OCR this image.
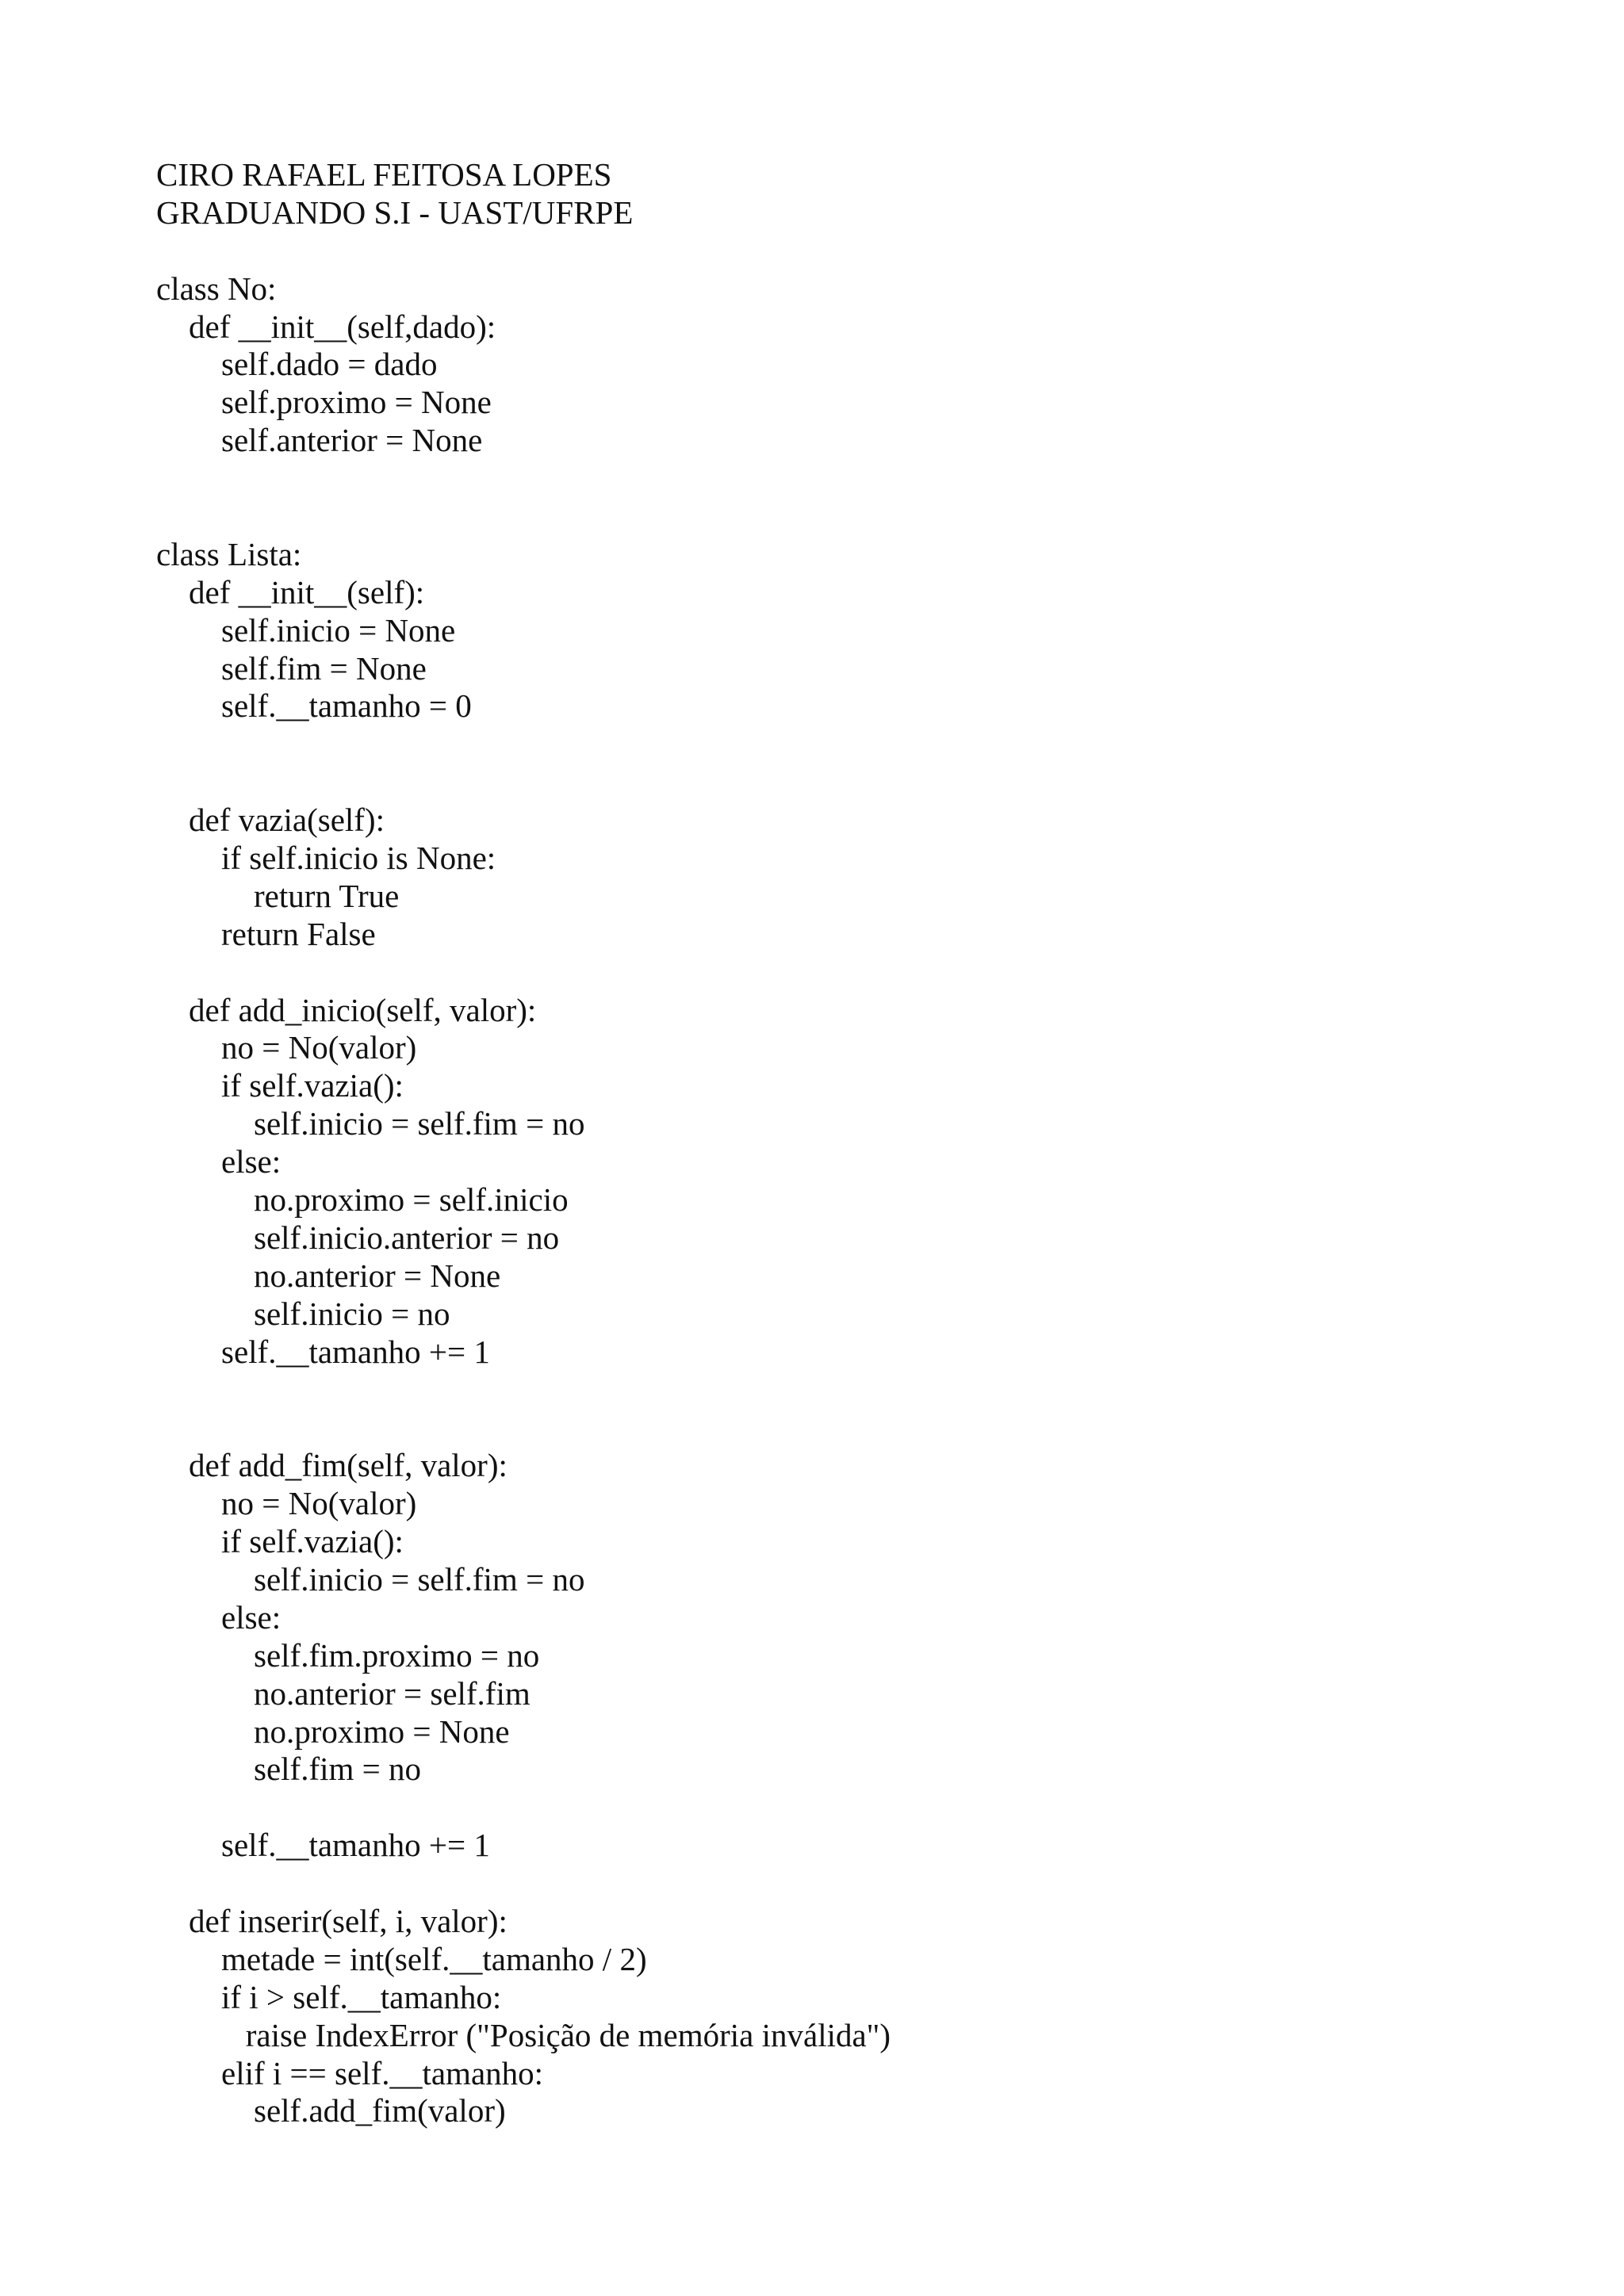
CIRO RAFAEL FEITOSA LOPES
GRADUANDO S.I - UAST/UFRPE
class No:
def __init__(self,dado):
self.dado = dado
self.proximo = None
self.anterior = None
class Lista:
def __init__(self):
self.inicio = None
self.fim = None
self.__tamanho = 0
def vazia(self):
if self.inicio is None:
return True
return False
def add_inicio(self, valor):
no = No(valor)
if self.vazia():
self.inicio = self.fim = no
else:
no.proximo = self.inicio
self.inicio.anterior = no
no.anterior = None
self.inicio = no
self.__tamanho += 1
def add_fim(self, valor):
no = No(valor)
if self.vazia():
self.inicio = self.fim = no
else:
self.fim.proximo = no
no.anterior = self.fim
no.proximo = None
self.fim = no
self.__tamanho += 1
def inserir(self, i, valor):
metade = int(self.__tamanho / 2)
if i > self.__tamanho:
raise IndexError ("Posição de memória inválida")
elif i == self.__tamanho:
self.add_fim(valor)
